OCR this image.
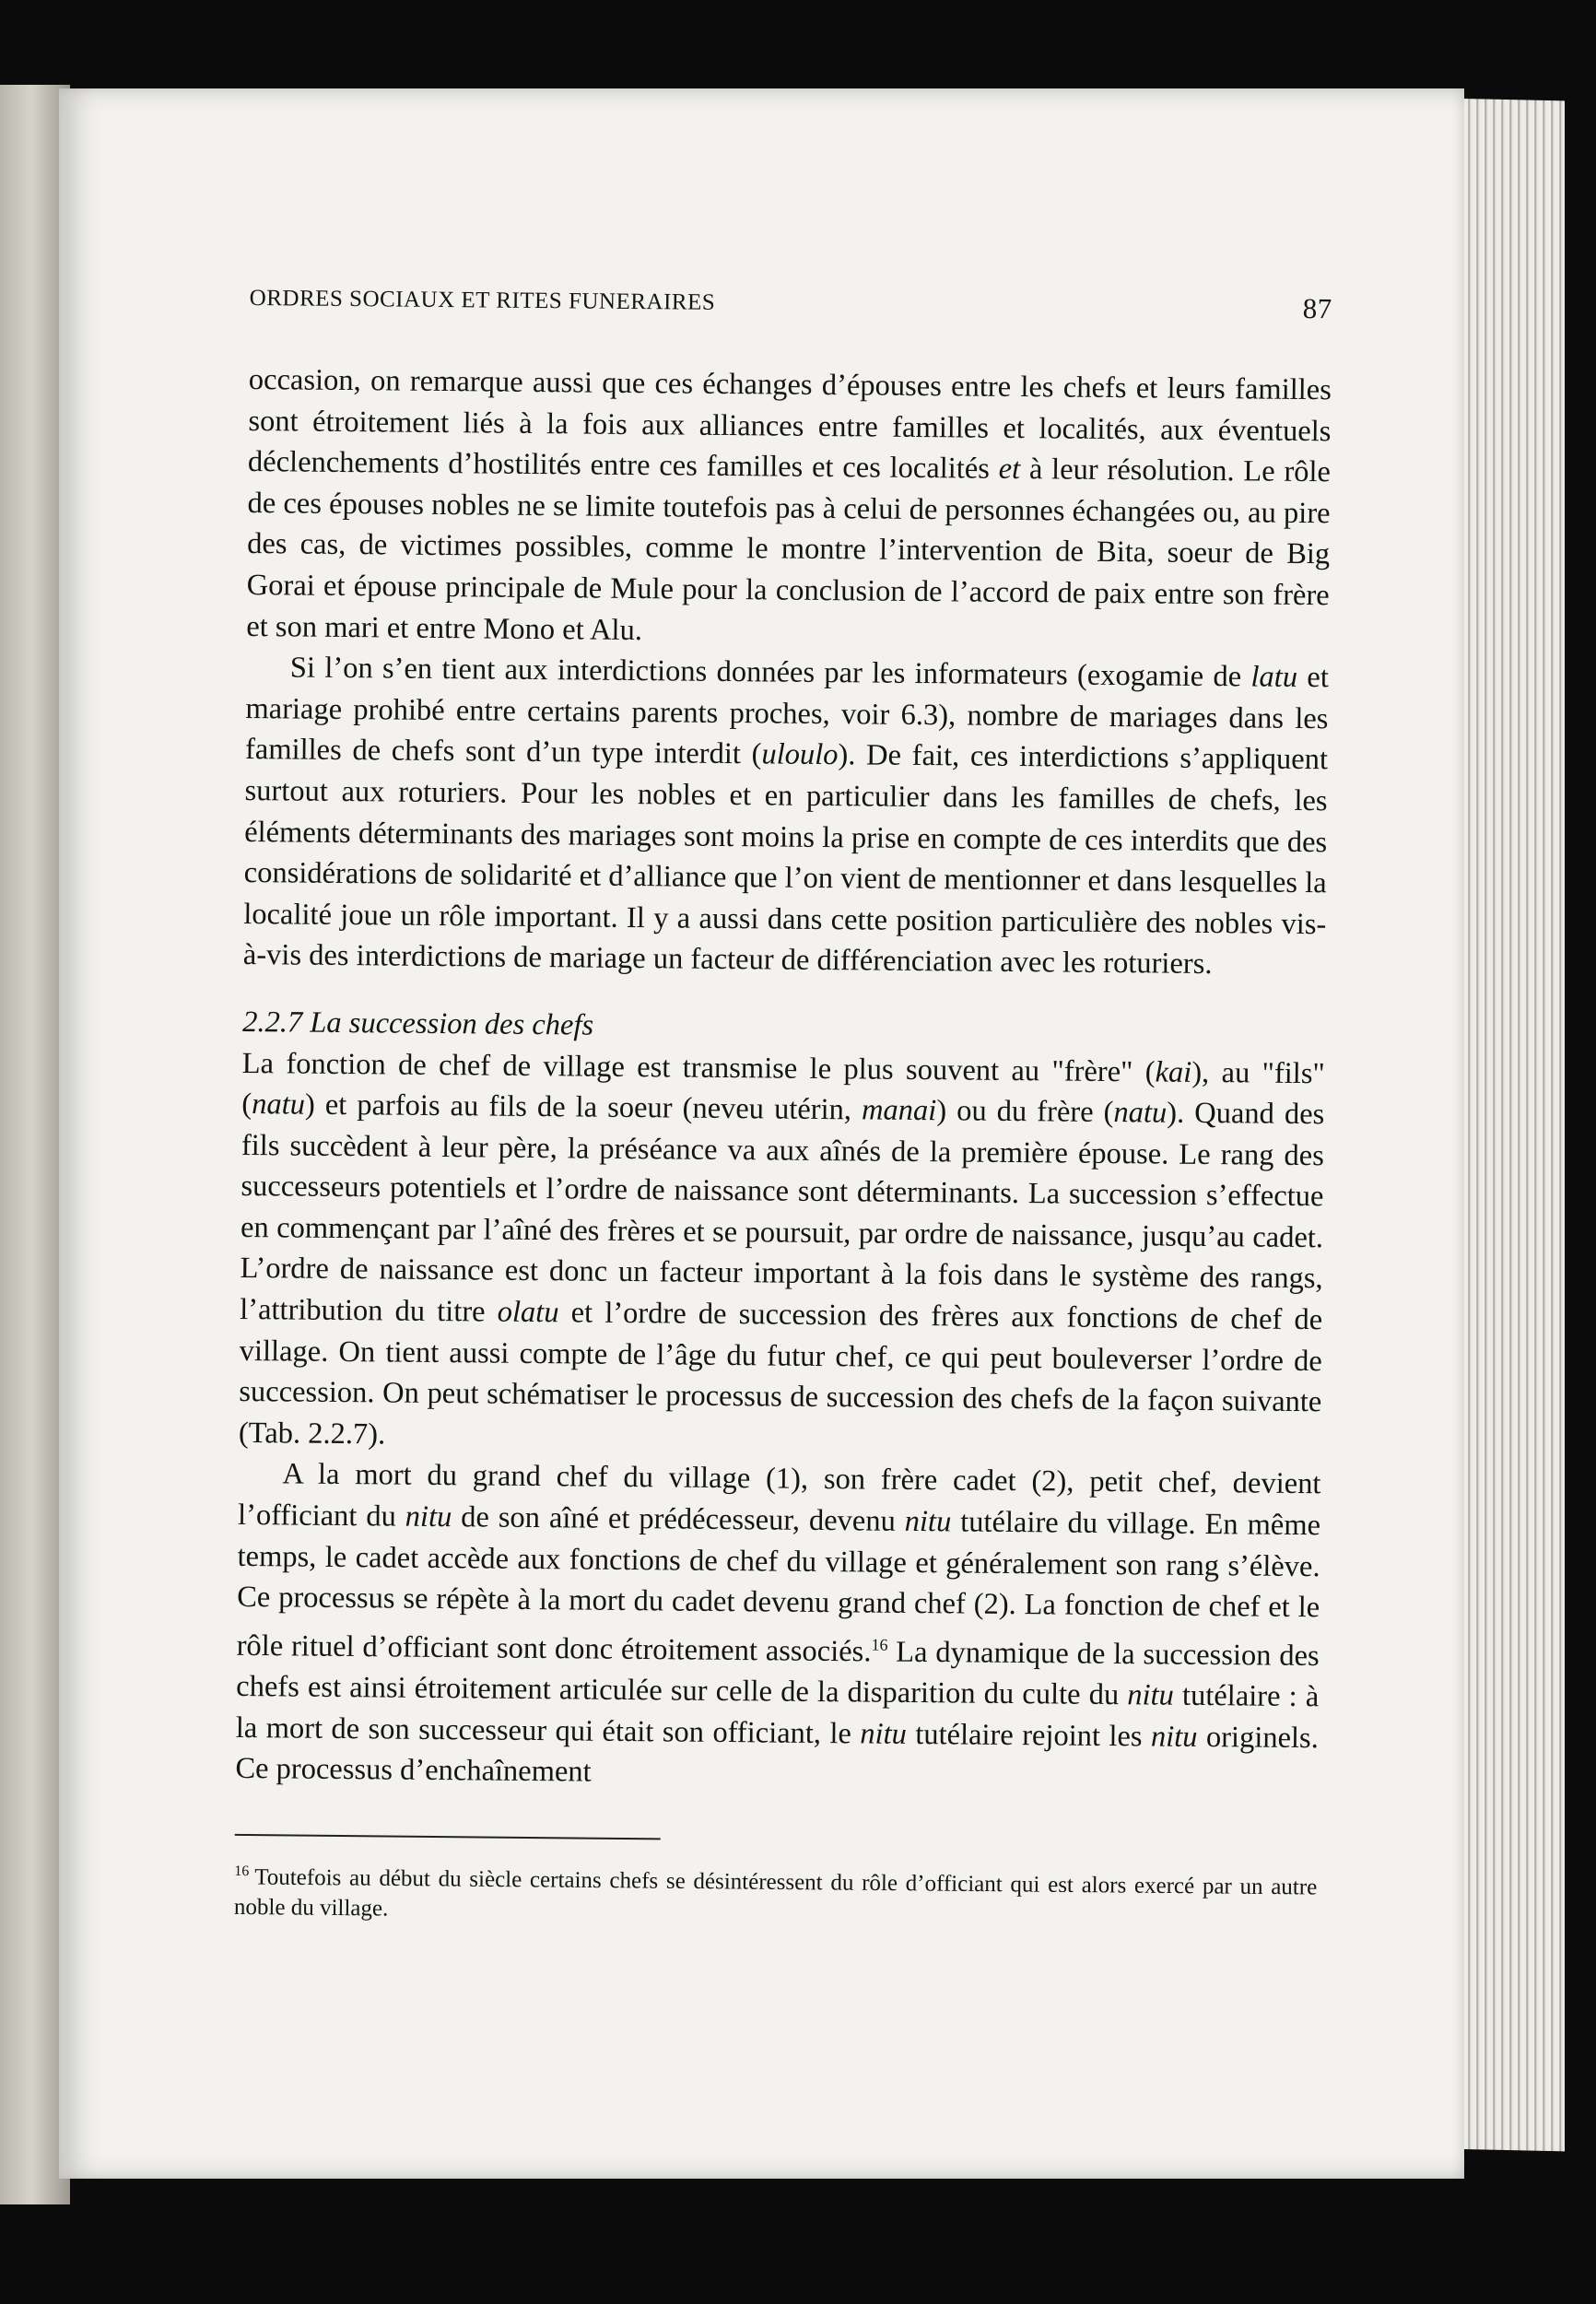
ORDRES SOCIAUX ET RITES FUNERAIRES	87

occasion, on remarque aussi que ces échanges d’épouses entre les chefs et leurs familles sont étroitement liés à la fois aux alliances entre familles et localités, aux éventuels déclenchements d’hostilités entre ces familles et ces localités et à leur résolution. Le rôle de ces épouses nobles ne se limite toutefois pas à celui de personnes échangées ou, au pire des cas, de victimes possibles, comme le montre l’intervention de Bita, soeur de Big Gorai et épouse principale de Mule pour la conclusion de l’accord de paix entre son frère et son mari et entre Mono et Alu.

Si l’on s’en tient aux interdictions données par les informateurs (exogamie de latu et mariage prohibé entre certains parents proches, voir 6.3), nombre de mariages dans les familles de chefs sont d’un type interdit (uloulo). De fait, ces interdictions s’appliquent surtout aux roturiers. Pour les nobles et en particulier dans les familles de chefs, les éléments déterminants des mariages sont moins la prise en compte de ces interdits que des considérations de solidarité et d’alliance que l’on vient de mentionner et dans lesquelles la localité joue un rôle important. Il y a aussi dans cette position particulière des nobles vis-à-vis des interdictions de mariage un facteur de différenciation avec les roturiers.

2.2.7 La succession des chefs

La fonction de chef de village est transmise le plus souvent au "frère" (kai), au "fils" (natu) et parfois au fils de la soeur (neveu utérin, manai) ou du frère (natu). Quand des fils succèdent à leur père, la préséance va aux aînés de la première épouse. Le rang des successeurs potentiels et l’ordre de naissance sont déterminants. La succession s’effectue en commençant par l’aîné des frères et se poursuit, par ordre de naissance, jusqu’au cadet. L’ordre de naissance est donc un facteur important à la fois dans le système des rangs, l’attribution du titre olatu et l’ordre de succession des frères aux fonctions de chef de village. On tient aussi compte de l’âge du futur chef, ce qui peut bouleverser l’ordre de succession. On peut schématiser le processus de succession des chefs de la façon suivante (Tab. 2.2.7).

A la mort du grand chef du village (1), son frère cadet (2), petit chef, devient l’officiant du nitu de son aîné et prédécesseur, devenu nitu tutélaire du village. En même temps, le cadet accède aux fonctions de chef du village et généralement son rang s’élève. Ce processus se répète à la mort du cadet devenu grand chef (2). La fonction de chef et le rôle rituel d’officiant sont donc étroitement associés.$^{16}$ La dynamique de la succession des chefs est ainsi étroitement articulée sur celle de la disparition du culte du nitu tutélaire : à la mort de son successeur qui était son officiant, le nitu tutélaire rejoint les nitu originels. Ce processus d’enchaînement

$^{16}$ Toutefois au début du siècle certains chefs se désintéressent du rôle d’officiant qui est alors exercé par un autre noble du village.
